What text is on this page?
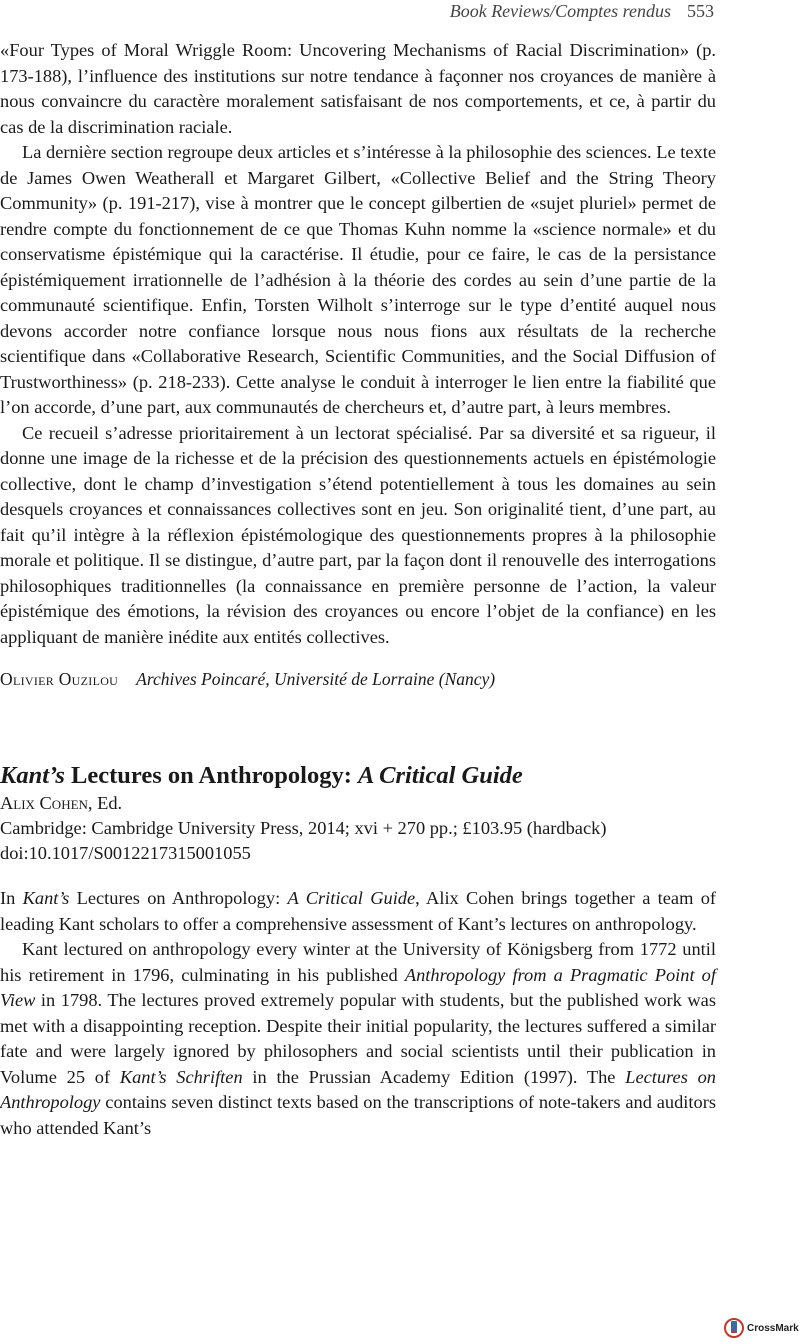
Book Reviews/Comptes rendus 553

«Four Types of Moral Wriggle Room: Uncovering Mechanisms of Racial Discrimination» (p. 173-188), l’influence des institutions sur notre tendance à façonner nos croyances de manière à nous convaincre du caractère moralement satisfaisant de nos comportements, et ce, à partir du cas de la discrimination raciale.

La dernière section regroupe deux articles et s’intéresse à la philosophie des sciences. Le texte de James Owen Weatherall et Margaret Gilbert, «Collective Belief and the String Theory Community» (p. 191-217), vise à montrer que le concept gilbertien de «sujet pluriel» permet de rendre compte du fonctionnement de ce que Thomas Kuhn nomme la «science normale» et du conservatisme épistémique qui la caractérise. Il étudie, pour ce faire, le cas de la persistance épistémiquement irrationnelle de l’adhésion à la théorie des cordes au sein d’une partie de la communauté scientifique. Enfin, Torsten Wilholt s’interroge sur le type d’entité auquel nous devons accorder notre confiance lorsque nous nous fions aux résultats de la recherche scientifique dans «Collaborative Research, Scientific Communities, and the Social Diffusion of Trustworthiness» (p. 218-233). Cette analyse le conduit à interroger le lien entre la fiabilité que l’on accorde, d’une part, aux communautés de chercheurs et, d’autre part, à leurs membres.

Ce recueil s’adresse prioritairement à un lectorat spécialisé. Par sa diversité et sa rigueur, il donne une image de la richesse et de la précision des questionnements actuels en épistémologie collective, dont le champ d’investigation s’étend potentiellement à tous les domaines au sein desquels croyances et connaissances collectives sont en jeu. Son originalité tient, d’une part, au fait qu’il intègre à la réflexion épistémologique des questionnements propres à la philosophie morale et politique. Il se distingue, d’autre part, par la façon dont il renouvelle des interrogations philosophiques traditionnelles (la connaissance en première personne de l’action, la valeur épistémique des émotions, la révision des croyances ou encore l’objet de la confiance) en les appliquant de manière inédite aux entités collectives.

Olivier Ouzilou Archives Poincaré, Université de Lorraine (Nancy)
Kant’s Lectures on Anthropology: A Critical Guide
Alix Cohen, Ed.
Cambridge: Cambridge University Press, 2014; xvi + 270 pp.; £103.95 (hardback)
doi:10.1017/S0012217315001055

In Kant’s Lectures on Anthropology: A Critical Guide, Alix Cohen brings together a team of leading Kant scholars to offer a comprehensive assessment of Kant’s lectures on anthropology.

Kant lectured on anthropology every winter at the University of Königsberg from 1772 until his retirement in 1796, culminating in his published Anthropology from a Pragmatic Point of View in 1798. The lectures proved extremely popular with students, but the published work was met with a disappointing reception. Despite their initial popularity, the lectures suffered a similar fate and were largely ignored by philosophers and social scientists until their publication in Volume 25 of Kant’s Schriften in the Prussian Academy Edition (1997). The Lectures on Anthropology contains seven distinct texts based on the transcriptions of note-takers and auditors who attended Kant’s

CrossMark
